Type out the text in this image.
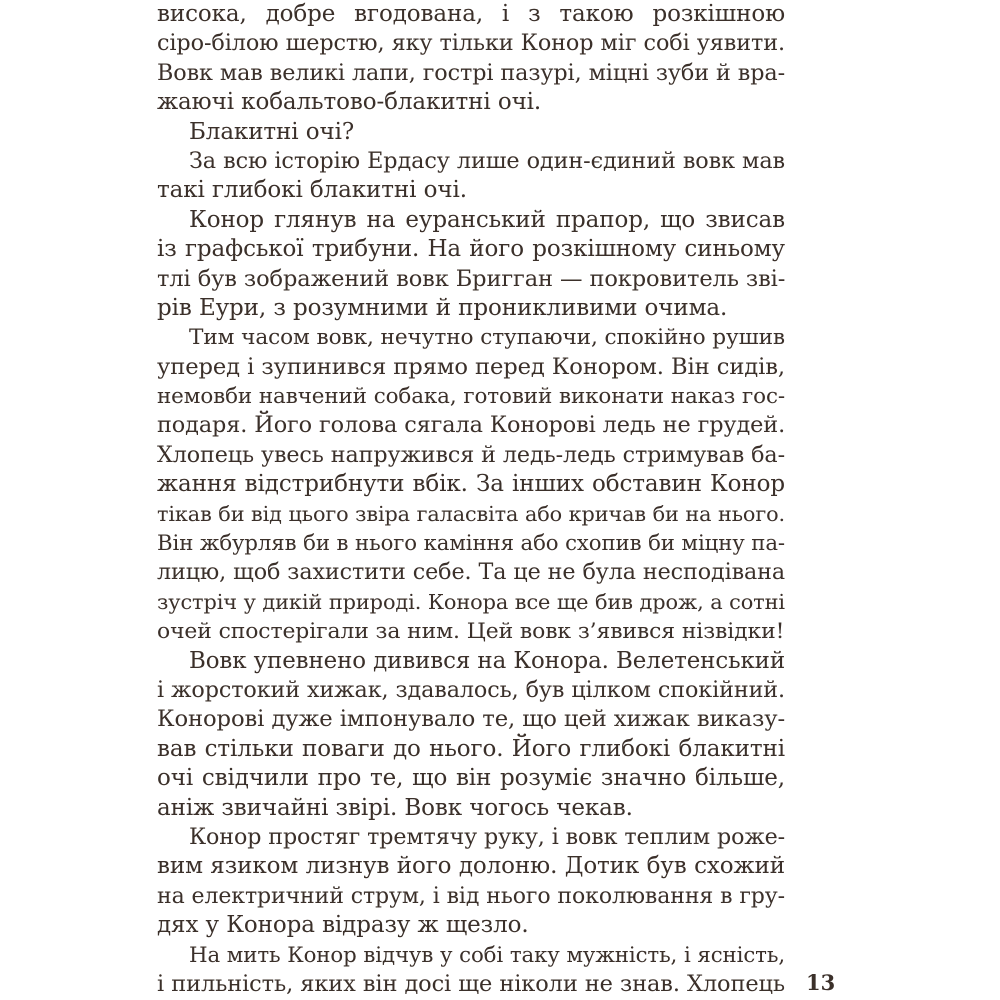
висока, добре вгодована, і з такою розкішною
сіро-білою шерстю, яку тільки Конор міг собі уявити.
Вовк мав великі лапи, гострі пазурі, міцні зуби й вра-
жаючі кобальтово-блакитні очі.
Блакитні очі?
За всю історію Ердасу лише один-єдиний вовк мав
такі глибокі блакитні очі.
Конор глянув на еуранський прапор, що звисав
із графської трибуни. На його розкішному синьому
тлі був зображений вовк Бригган — покровитель зві-
рів Еури, з розумними й проникливими очима.
Тим часом вовк, нечутно ступаючи, спокійно рушив
уперед і зупинився прямо перед Конором. Він сидів,
немовби навчений собака, готовий виконати наказ гос-
подаря. Його голова сягала Конорові ледь не грудей.
Хлопець увесь напружився й ледь-ледь стримував ба-
жання відстрибнути вбік. За інших обставин Конор
тікав би від цього звіра галасвіта або кричав би на нього.
Він жбурляв би в нього каміння або схопив би міцну па-
лицю, щоб захистити себе. Та це не була несподівана
зустріч у дикій природі. Конора все ще бив дрож, а сотні
очей спостерігали за ним. Цей вовк з’явився нізвідки!
Вовк упевнено дивився на Конора. Велетенський
і жорстокий хижак, здавалось, був цілком спокійний.
Конорові дуже імпонувало те, що цей хижак виказу-
вав стільки поваги до нього. Його глибокі блакитні
очі свідчили про те, що він розуміє значно більше,
аніж звичайні звірі. Вовк чогось чекав.
Конор простяг тремтячу руку, і вовк теплим роже-
вим язиком лизнув його долоню. Дотик був схожий
на електричний струм, і від нього поколювання в гру-
дях у Конора відразу ж щезло.
На мить Конор відчув у собі таку мужність, і ясність,
і пильність, яких він досі ще ніколи не знав. Хлопець 13
